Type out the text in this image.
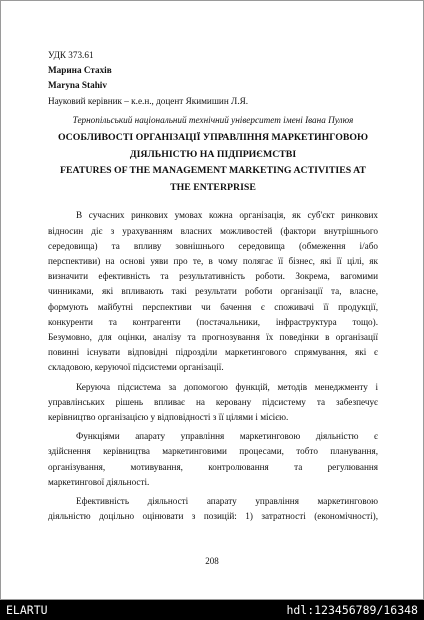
УДК 373.61
Марина Стахів
Maryna Stahiv
Науковий керівник – к.е.н., доцент Якимишин Л.Я.
Тернопільський національний технічний університет імені Івана Пулюя
ОСОБЛИВОСТІ ОРГАНІЗАЦІЇ УПРАВЛІННЯ МАРКЕТИНГОВОЮ
ДІЯЛЬНІСТЮ НА ПІДПРИЄМСТВІ
FEATURES OF THE MANAGEMENT MARKETING ACTIVITIES AT
THE ENTERPRISE

В сучасних ринкових умовах кожна організація, як суб'єкт ринкових
відносин діє з урахуванням власних можливостей (фактори внутрішнього
середовища) та впливу зовнішнього середовища (обмеження і/або
перспективи) на основі уяви про те, в чому полягає її бізнес, які її цілі, як
визначити ефективність та результативність роботи. Зокрема, вагомими
чинниками, які впливають такі результати роботи організації та, власне,
формують майбутні перспективи чи бачення є споживачі її продукції,
конкуренти та контрагенти (постачальники, інфраструктура тощо).
Безумовно, для оцінки, аналізу та прогнозування їх поведінки в організації
повинні існувати відповідні підрозділи маркетингового спрямування, які є
складовою, керуючої підсистеми організації.

Керуюча підсистема за допомогою функцій, методів менеджменту і
управлінських рішень впливає на керовану підсистему та забезпечує
керівництво організацією у відповідності з її цілями і місією.

Функціями апарату управління маркетинговою діяльністю є
здійснення керівництва маркетинговими процесами, тобто планування,
організування, мотивування, контролювання та регулювання
маркетингової діяльності.

Ефективність діяльності апарату управління маркетинговою
діяльністю доцільно оцінювати з позицій: 1) затратності (економічності),

208
ELARTU	hdl:123456789/16348
